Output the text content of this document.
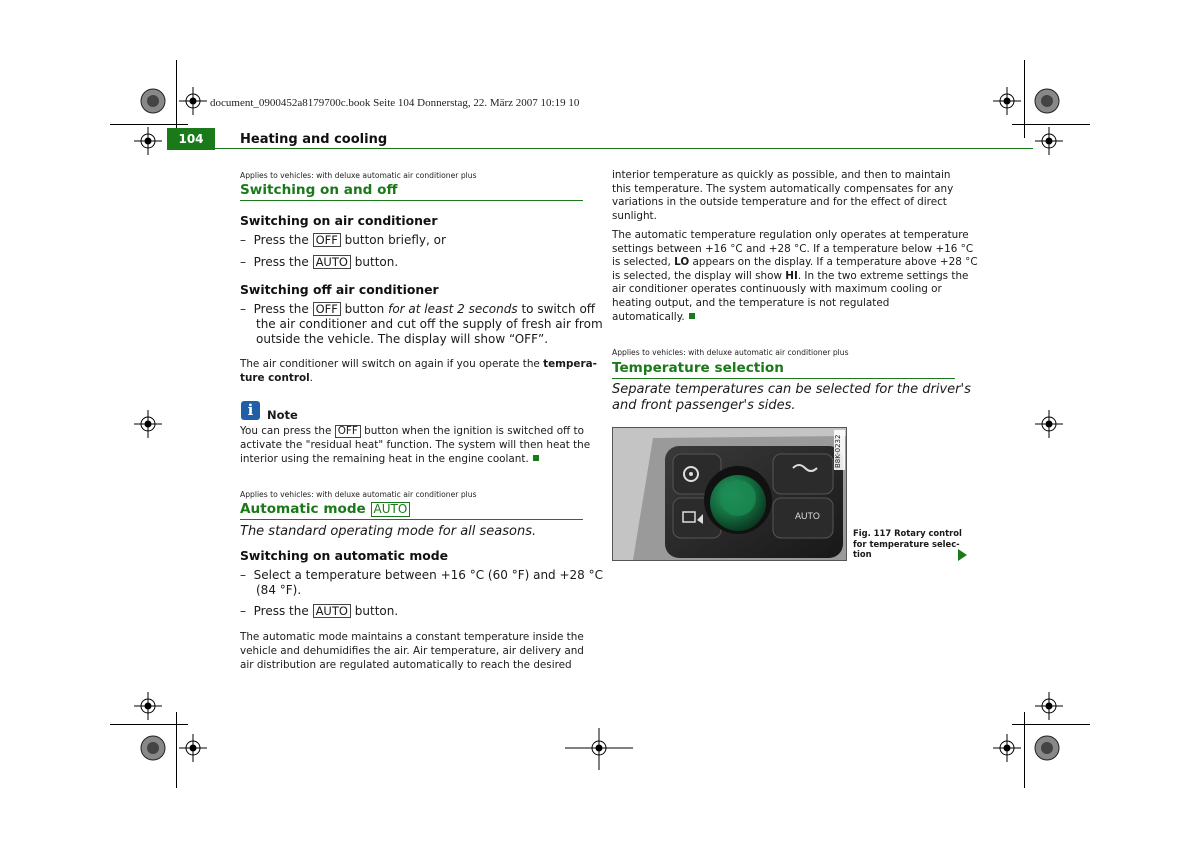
document_0900452a8179700c.book Seite 104 Donnerstag, 22. März 2007 10:19 10
104	Heating and cooling
Applies to vehicles: with deluxe automatic air conditioner plus
Switching on and off
Switching on air conditioner
–  Press the OFF button briefly, or
–  Press the AUTO button.
Switching off air conditioner
–  Press the OFF button for at least 2 seconds to switch off
the air conditioner and cut off the supply of fresh air from
outside the vehicle. The display will show “OFF”.
The air conditioner will switch on again if you operate the tempera-
ture control.
i	Note
You can press the OFF button when the ignition is switched off to
activate the "residual heat" function. The system will then heat the
interior using the remaining heat in the engine coolant.
Applies to vehicles: with deluxe automatic air conditioner plus
Automatic mode AUTO
The standard operating mode for all seasons.
Switching on automatic mode
–  Select a temperature between +16 °C (60 °F) and +28 °C
(84 °F).
–  Press the AUTO button.
The automatic mode maintains a constant temperature inside the
vehicle and dehumidifies the air. Air temperature, air delivery and
air distribution are regulated automatically to reach the desired
interior temperature as quickly as possible, and then to maintain
this temperature. The system automatically compensates for any
variations in the outside temperature and for the effect of direct
sunlight.
The automatic temperature regulation only operates at temperature
settings between +16 °C and +28 °C. If a temperature below +16 °C
is selected, LO appears on the display. If a temperature above +28 °C
is selected, the display will show HI. In the two extreme settings the
air conditioner operates continuously with maximum cooling or
heating output, and the temperature is not regulated
automatically.
Applies to vehicles: with deluxe automatic air conditioner plus
Temperature selection
Separate temperatures can be selected for the driver's
and front passenger's sides.
B8K-0232
AUTO
Fig. 117 Rotary control
for temperature selec-
tion
